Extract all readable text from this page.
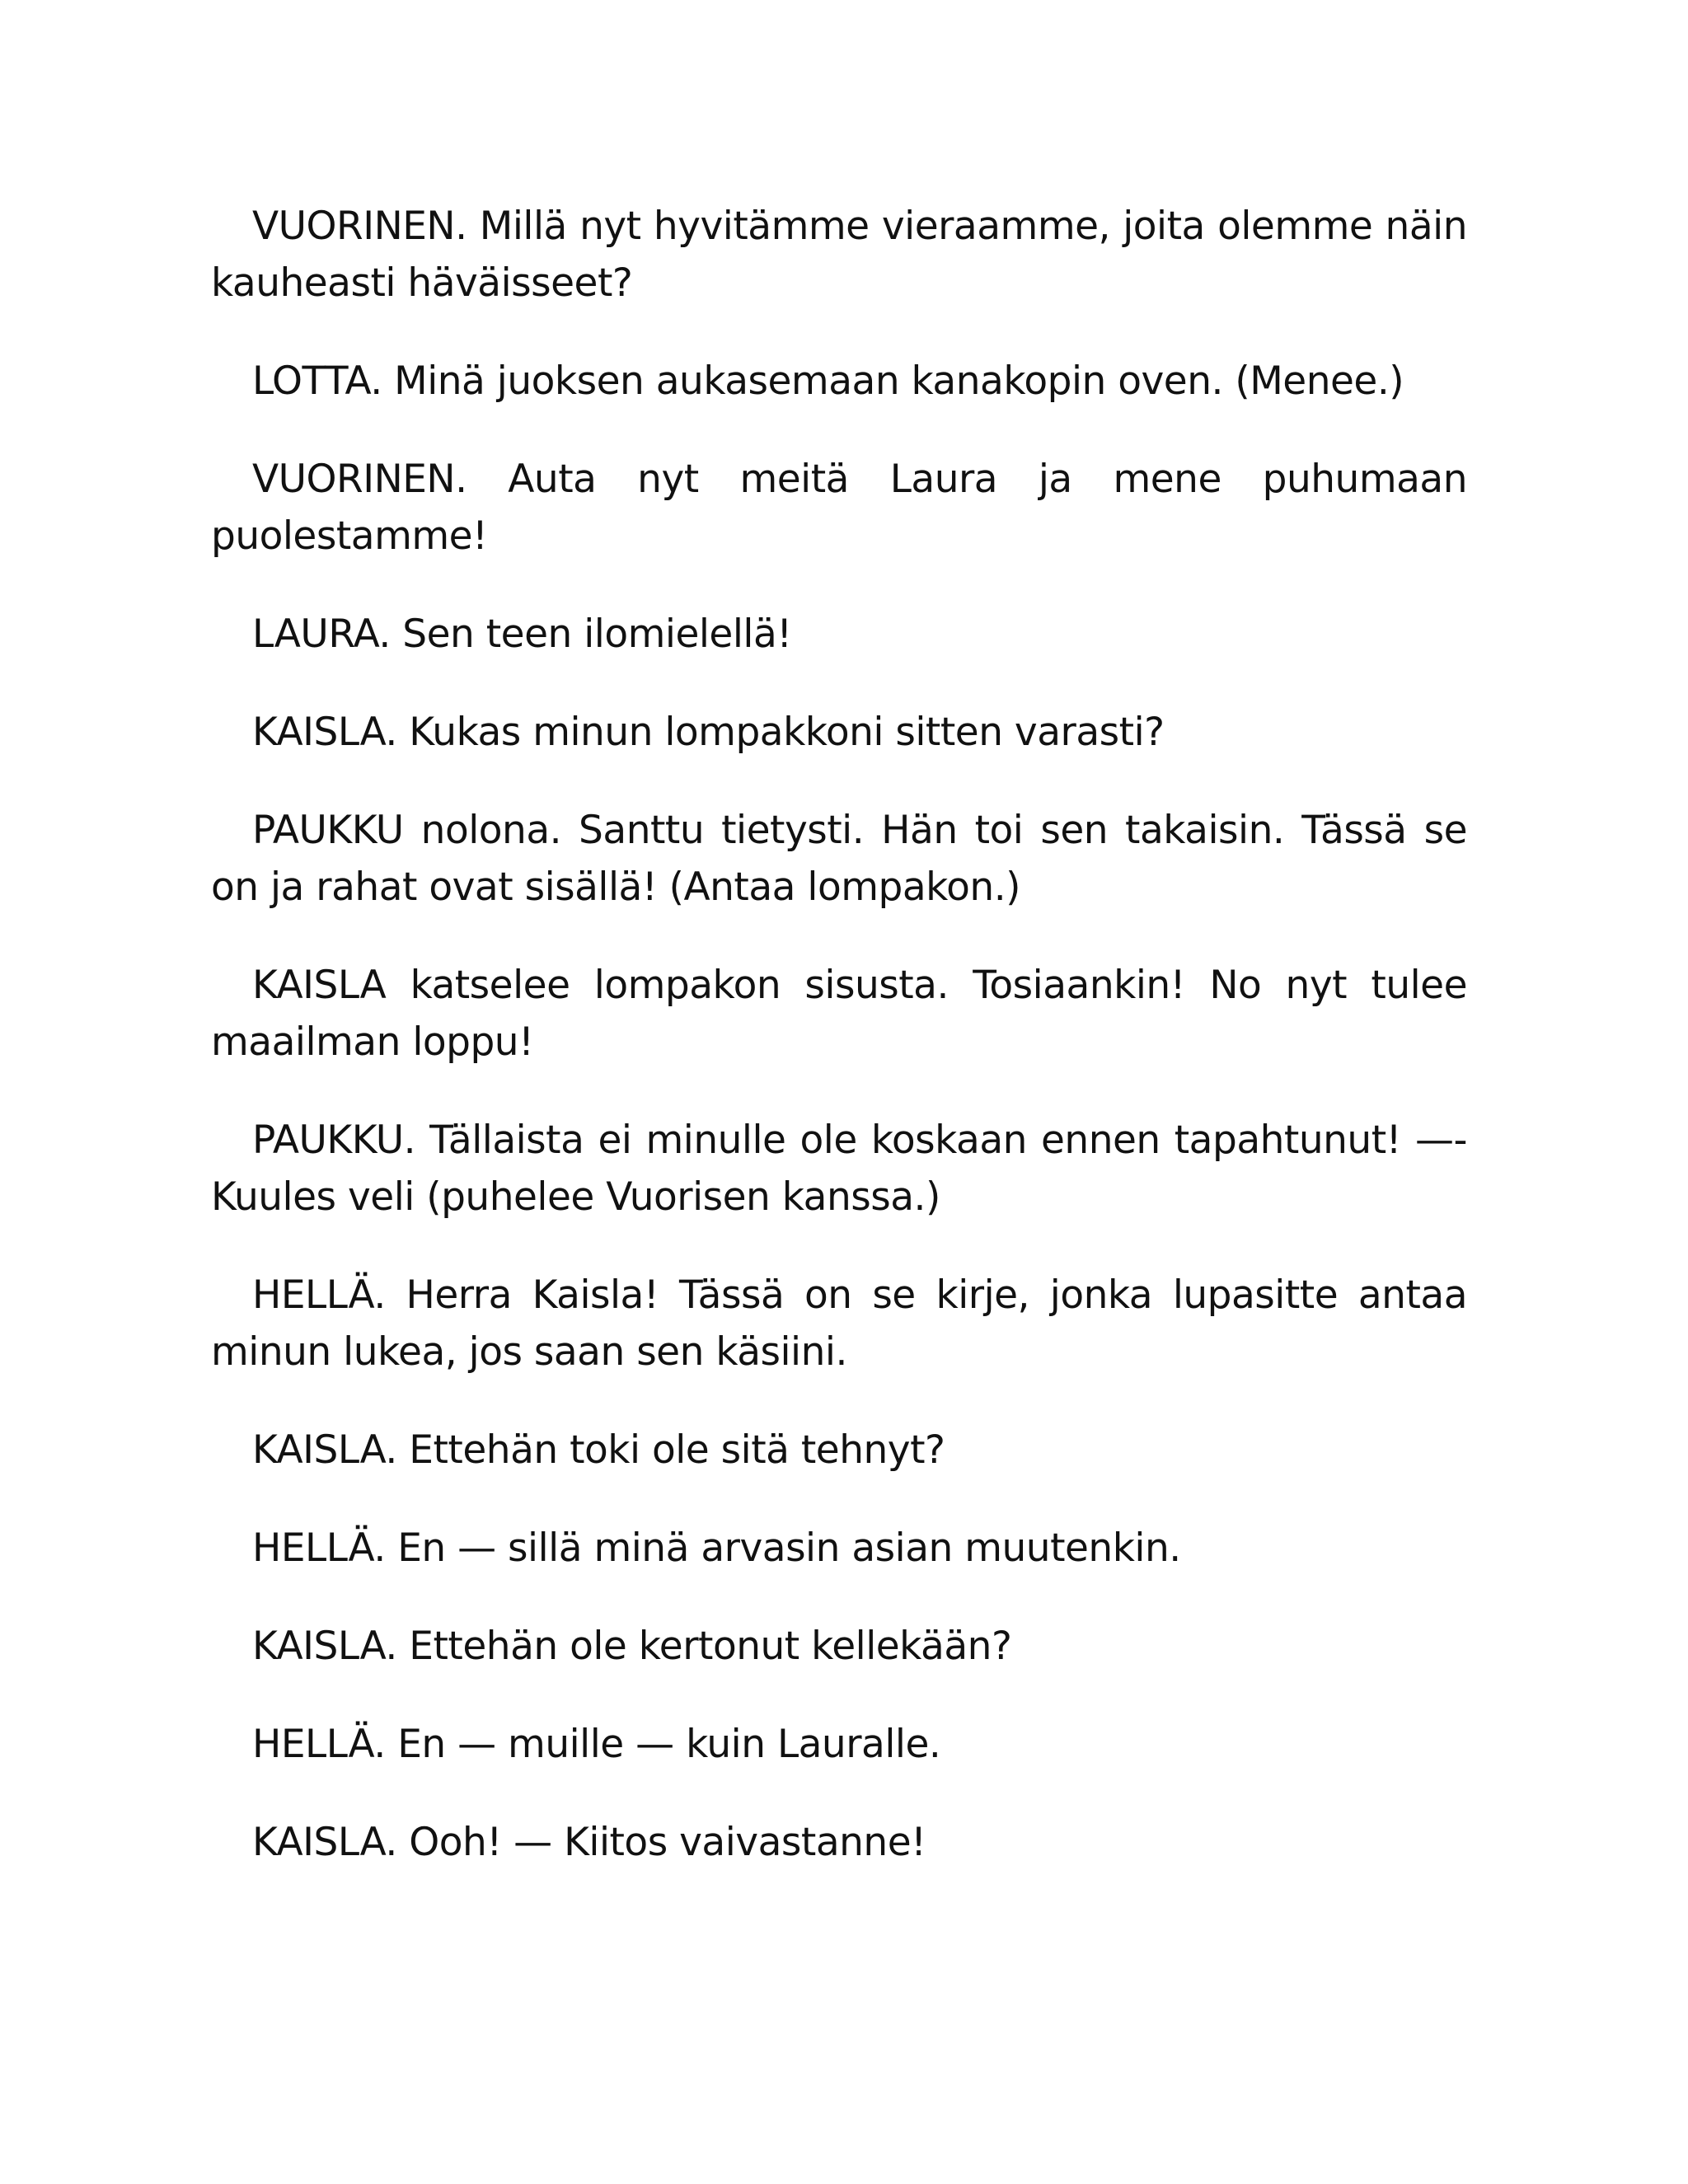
VUORINEN. Millä nyt hyvitämme vieraamme, joita olemme näin kauheasti häväisseet?

LOTTA. Minä juoksen aukasemaan kanakopin oven. (Menee.)

VUORINEN. Auta nyt meitä Laura ja mene puhumaan puolestamme!

LAURA. Sen teen ilomielellä!

KAISLA. Kukas minun lompakkoni sitten varasti?

PAUKKU nolona. Santtu tietysti. Hän toi sen takaisin. Tässä se on ja rahat ovat sisällä! (Antaa lompakon.)

KAISLA katselee lompakon sisusta. Tosiaankin! No nyt tulee maailman loppu!

PAUKKU. Tällaista ei minulle ole koskaan ennen tapahtunut! —- Kuules veli (puhelee Vuorisen kanssa.)

HELLÄ. Herra Kaisla! Tässä on se kirje, jonka lupasitte antaa minun lukea, jos saan sen käsiini.

KAISLA. Ettehän toki ole sitä tehnyt?

HELLÄ. En — sillä minä arvasin asian muutenkin.

KAISLA. Ettehän ole kertonut kellekään?

HELLÄ. En — muille — kuin Lauralle.

KAISLA. Ooh! — Kiitos vaivastanne!
